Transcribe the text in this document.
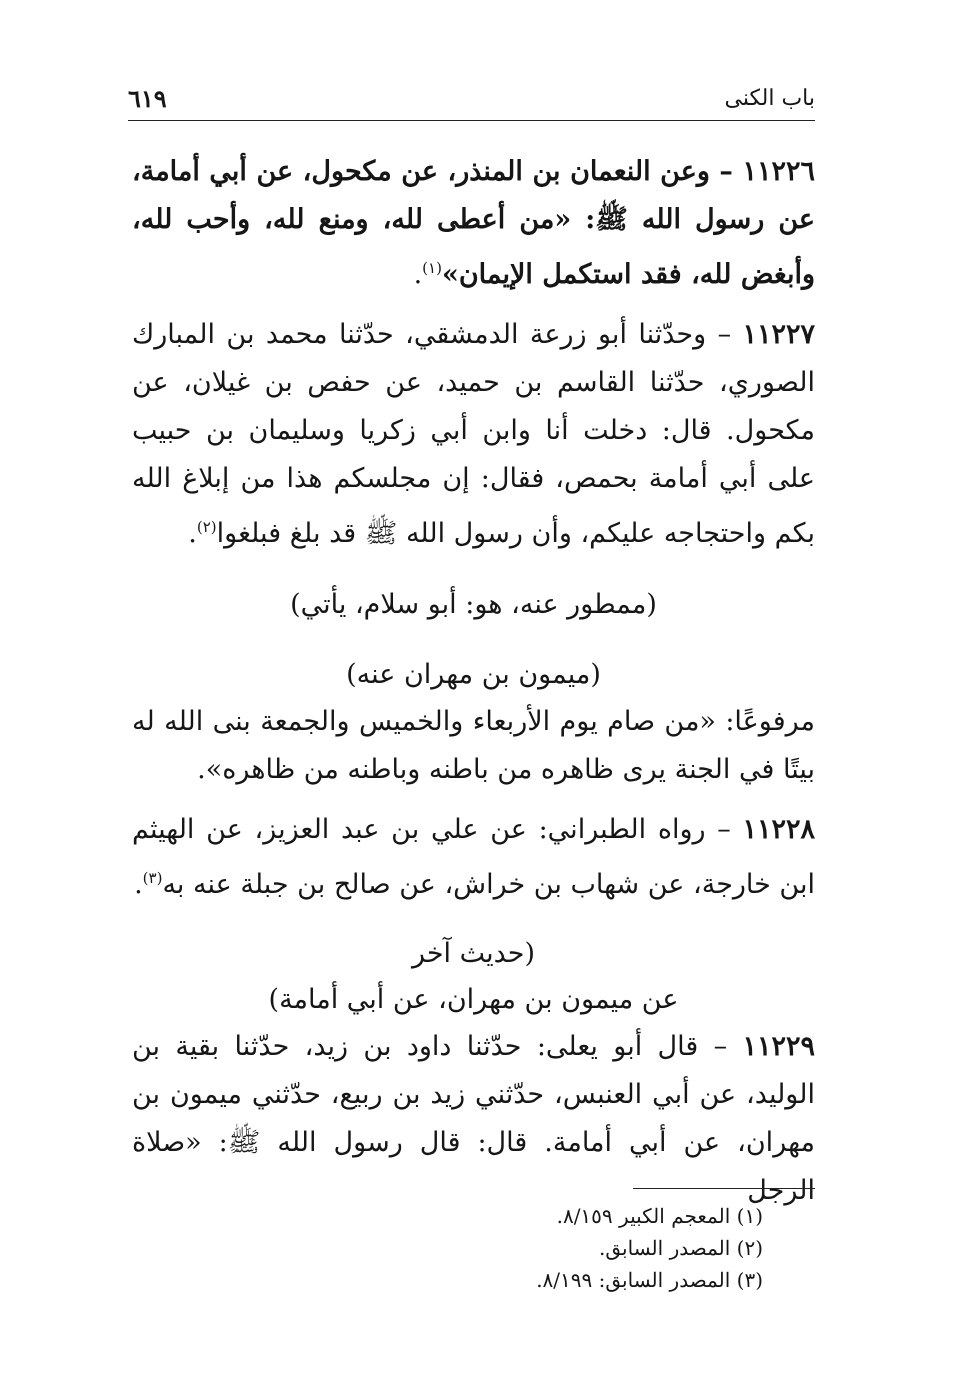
باب الكنى
٦١٩

١١٢٢٦ – وعن النعمان بن المنذر، عن مكحول، عن أبي أمامة، عن رسول الله ﷺ: «من أعطى لله، ومنع لله، وأحب لله، وأبغض لله، فقد استكمل الإيمان»$^{(١)}$.

١١٢٢٧ – وحدّثنا أبو زرعة الدمشقي، حدّثنا محمد بن المبارك الصوري، حدّثنا القاسم بن حميد، عن حفص بن غيلان، عن مكحول. قال: دخلت أنا وابن أبي زكريا وسليمان بن حبيب على أبي أمامة بحمص، فقال: إن مجلسكم هذا من إبلاغ الله بكم واحتجاجه عليكم، وأن رسول الله ﷺ قد بلغ فبلغوا$^{(٢)}$.

(ممطور عنه، هو: أبو سلام، يأتي)
(ميمون بن مهران عنه)

مرفوعًا: «من صام يوم الأربعاء والخميس والجمعة بنى الله له بيتًا في الجنة يرى ظاهره من باطنه وباطنه من ظاهره».

١١٢٢٨ – رواه الطبراني: عن علي بن عبد العزيز، عن الهيثم ابن خارجة، عن شهاب بن خراش، عن صالح بن جبلة عنه به$^{(٣)}$.

(حديث آخر
عن ميمون بن مهران، عن أبي أمامة)

١١٢٢٩ – قال أبو يعلى: حدّثنا داود بن زيد، حدّثنا بقية بن الوليد، عن أبي العنبس، حدّثني زيد بن ربيع، حدّثني ميمون بن مهران، عن أبي أمامة. قال: قال رسول الله ﷺ: «صلاة الرجل

(١) المعجم الكبير ٨/١٥٩.
(٢) المصدر السابق.
(٣) المصدر السابق: ٨/١٩٩.
